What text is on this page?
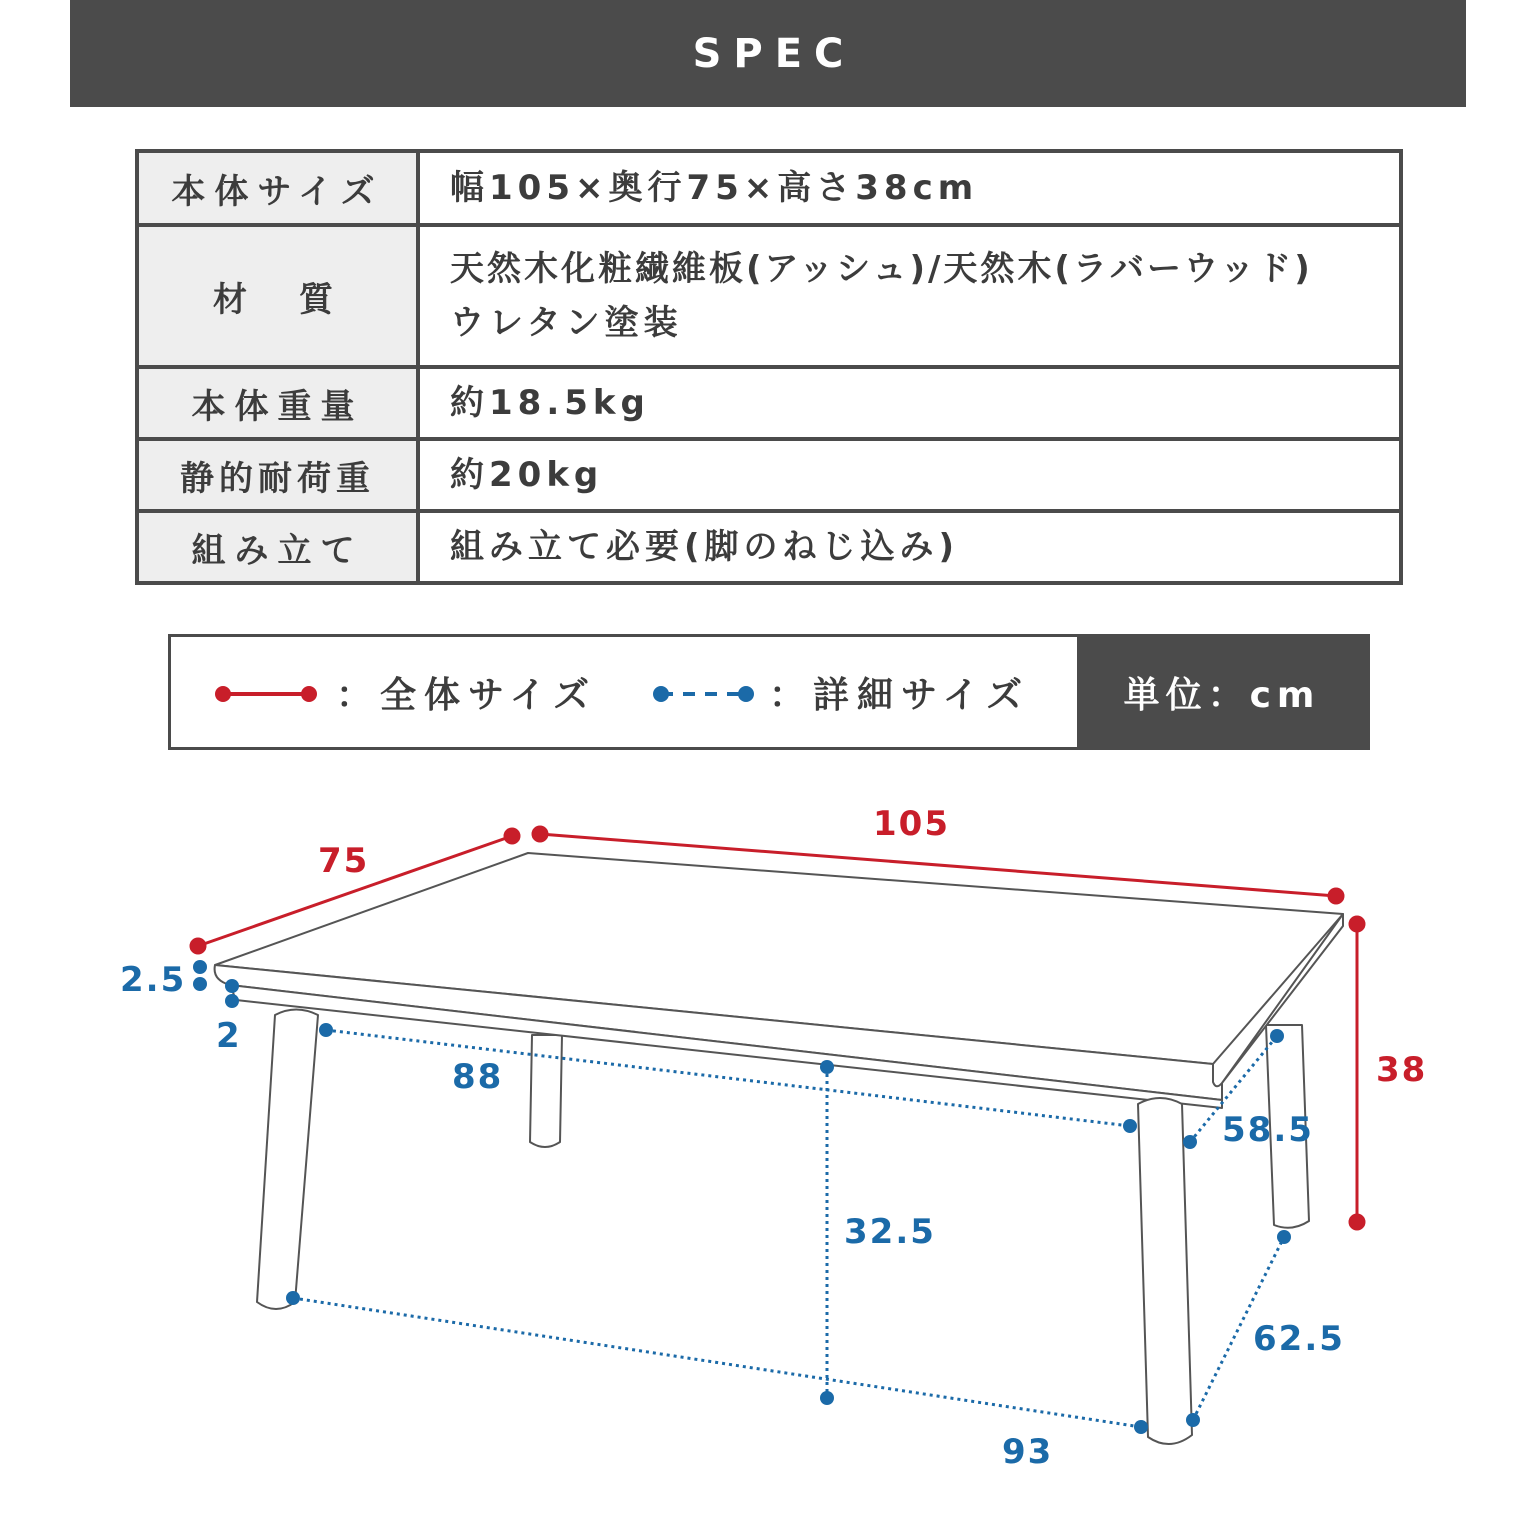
SPEC
本体サイズ	幅105×奥行75×高さ38cm

材　質	天然木化粧繊維板(アッシュ)/天然木(ラバーウッド)
ウレタン塗装

本体重量	約18.5kg

静的耐荷重	約20kg

組み立て	組み立て必要(脚のねじ込み)
：全体サイズ	：詳細サイズ	単位：cm
75
105
38
2.5
2
88
32.5
58.5
62.5
93
